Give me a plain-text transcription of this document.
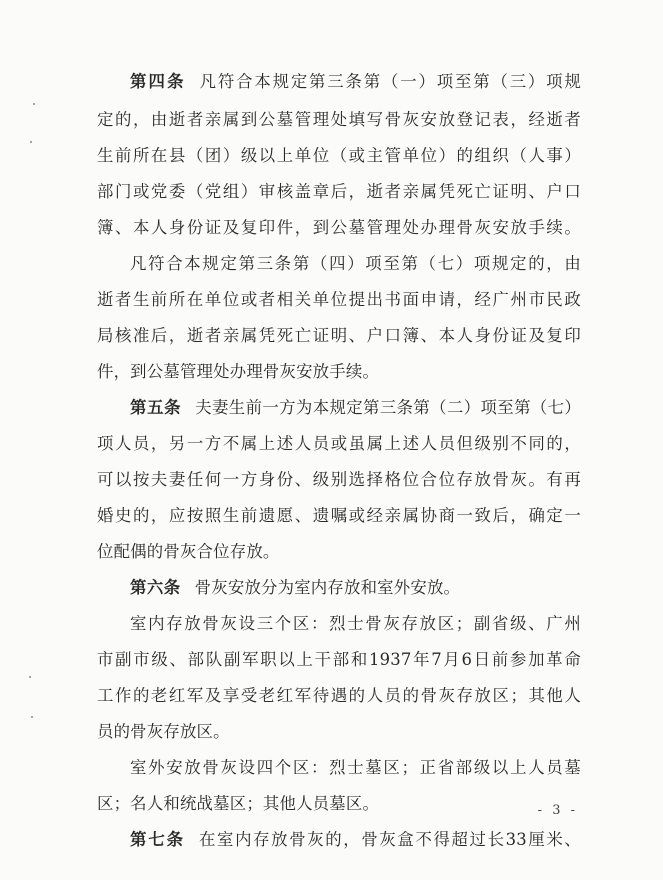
第四条 凡符合本规定第三条第（一）项至第（三）项规
定的，由逝者亲属到公墓管理处填写骨灰安放登记表，经逝者
生前所在县（团）级以上单位（或主管单位）的组织（人事）
部门或党委（党组）审核盖章后，逝者亲属凭死亡证明、户口
簿、本人身份证及复印件，到公墓管理处办理骨灰安放手续。
凡符合本规定第三条第（四）项至第（七）项规定的，由
逝者生前所在单位或者相关单位提出书面申请，经广州市民政
局核准后，逝者亲属凭死亡证明、户口簿、本人身份证及复印
件，到公墓管理处办理骨灰安放手续。
第五条 夫妻生前一方为本规定第三条第（二）项至第（七）
项人员，另一方不属上述人员或虽属上述人员但级别不同的，
可以按夫妻任何一方身份、级别选择格位合位存放骨灰。有再
婚史的，应按照生前遗愿、遗嘱或经亲属协商一致后，确定一
位配偶的骨灰合位存放。
第六条 骨灰安放分为室内存放和室外安放。
室内存放骨灰设三个区：烈士骨灰存放区；副省级、广州
市副市级、部队副军职以上干部和1937年7月6日前参加革命
工作的老红军及享受老红军待遇的人员的骨灰存放区；其他人
员的骨灰存放区。
室外安放骨灰设四个区：烈士墓区；正省部级以上人员墓
区；名人和统战墓区；其他人员墓区。
第七条 在室内存放骨灰的，骨灰盒不得超过长33厘米、
- 3 -
